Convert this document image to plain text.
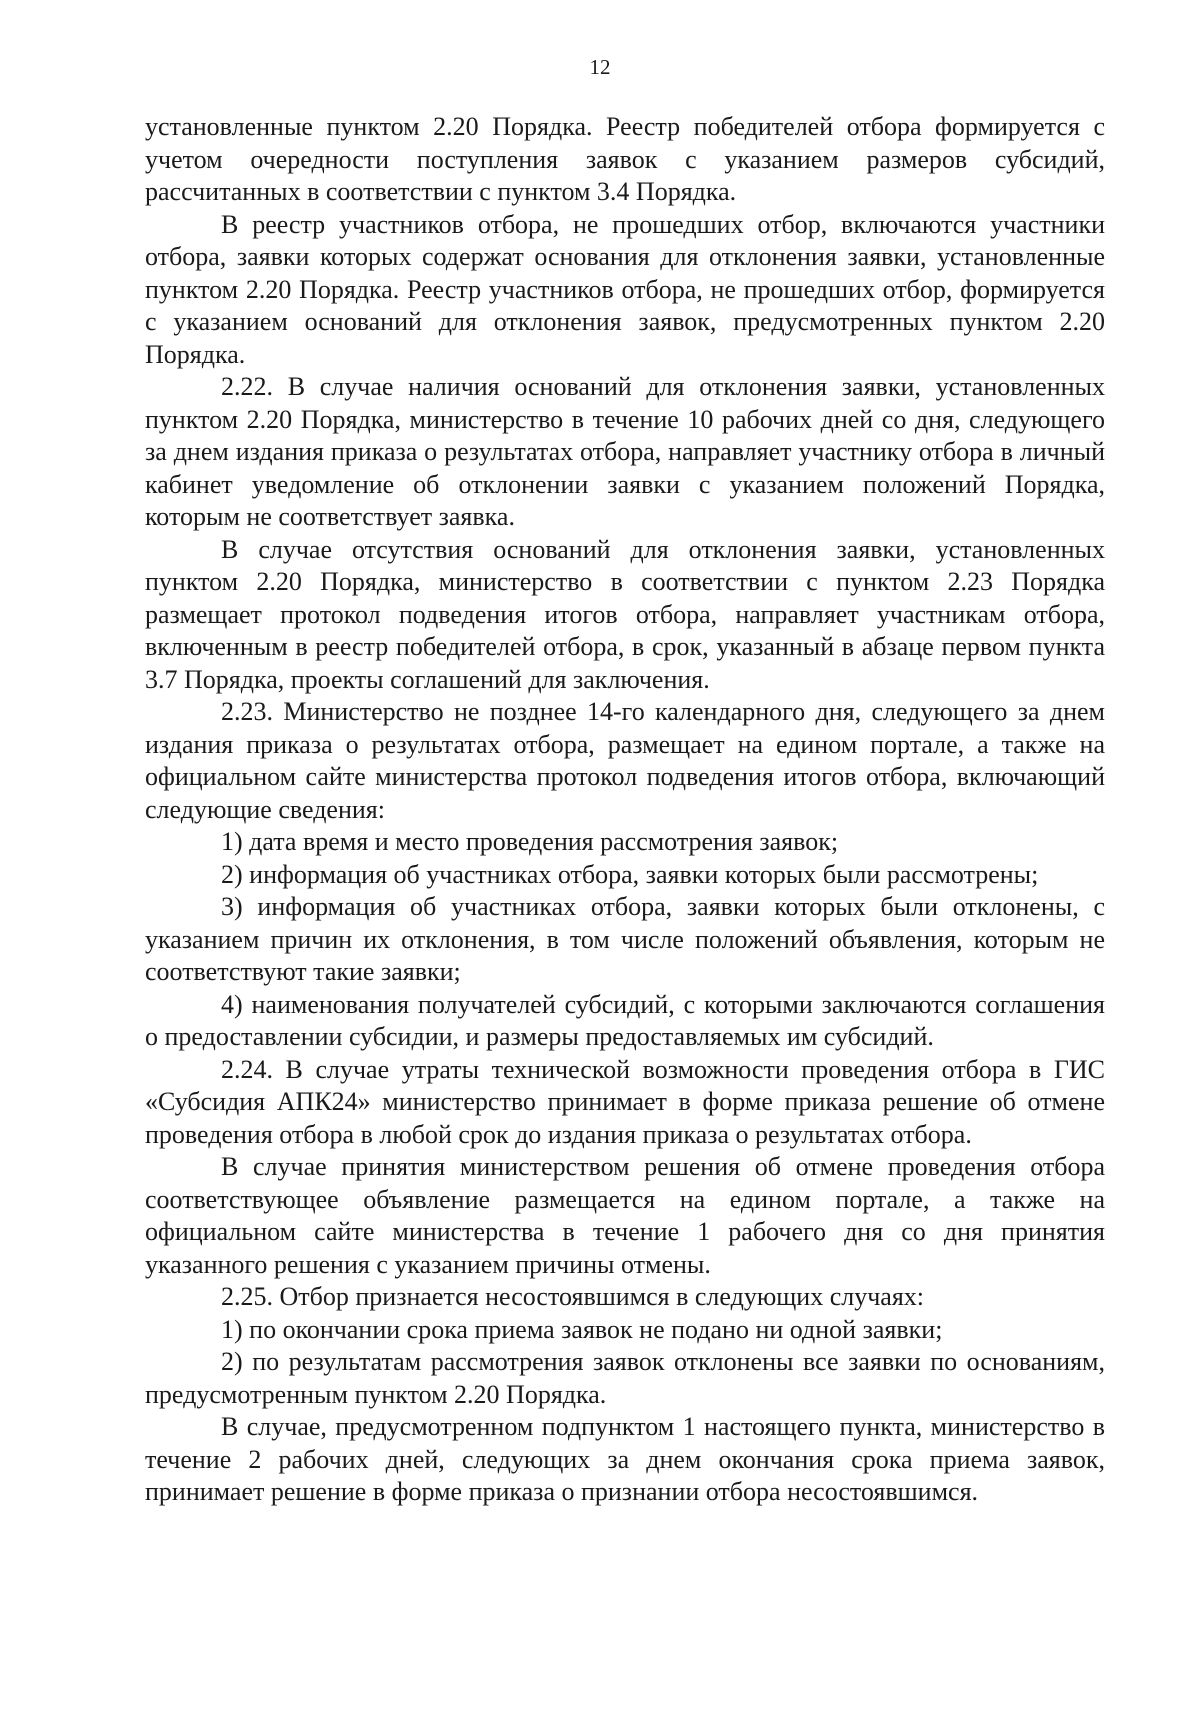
12

установленные пунктом 2.20 Порядка. Реестр победителей отбора формируется с учетом очередности поступления заявок с указанием размеров субсидий, рассчитанных в соответствии с пунктом 3.4 Порядка.

В реестр участников отбора, не прошедших отбор, включаются участники отбора, заявки которых содержат основания для отклонения заявки, установленные пунктом 2.20 Порядка. Реестр участников отбора, не прошедших отбор, формируется с указанием оснований для отклонения заявок, предусмотренных пунктом 2.20 Порядка.

2.22. В случае наличия оснований для отклонения заявки, установленных пунктом 2.20 Порядка, министерство в течение 10 рабочих дней со дня, следующего за днем издания приказа о результатах отбора, направляет участнику отбора в личный кабинет уведомление об отклонении заявки с указанием положений Порядка, которым не соответствует заявка.

В случае отсутствия оснований для отклонения заявки, установленных пунктом 2.20 Порядка, министерство в соответствии с пунктом 2.23 Порядка размещает протокол подведения итогов отбора, направляет участникам отбора, включенным в реестр победителей отбора, в срок, указанный в абзаце первом пункта 3.7 Порядка, проекты соглашений для заключения.

2.23. Министерство не позднее 14-го календарного дня, следующего за днем издания приказа о результатах отбора, размещает на едином портале, а также на официальном сайте министерства протокол подведения итогов отбора, включающий следующие сведения:

1) дата время и место проведения рассмотрения заявок;

2) информация об участниках отбора, заявки которых были рассмотрены;

3) информация об участниках отбора, заявки которых были отклонены, с указанием причин их отклонения, в том числе положений объявления, которым не соответствуют такие заявки;

4) наименования получателей субсидий, с которыми заключаются соглашения о предоставлении субсидии, и размеры предоставляемых им субсидий.

2.24. В случае утраты технической возможности проведения отбора в ГИС «Субсидия АПК24» министерство принимает в форме приказа решение об отмене проведения отбора в любой срок до издания приказа о результатах отбора.

В случае принятия министерством решения об отмене проведения отбора соответствующее объявление размещается на едином портале, а также на официальном сайте министерства в течение 1 рабочего дня со дня принятия указанного решения с указанием причины отмены.

2.25. Отбор признается несостоявшимся в следующих случаях:

1) по окончании срока приема заявок не подано ни одной заявки;

2) по результатам рассмотрения заявок отклонены все заявки по основаниям, предусмотренным пунктом 2.20 Порядка.

В случае, предусмотренном подпунктом 1 настоящего пункта, министерство в течение 2 рабочих дней, следующих за днем окончания срока приема заявок, принимает решение в форме приказа о признании отбора несостоявшимся.
